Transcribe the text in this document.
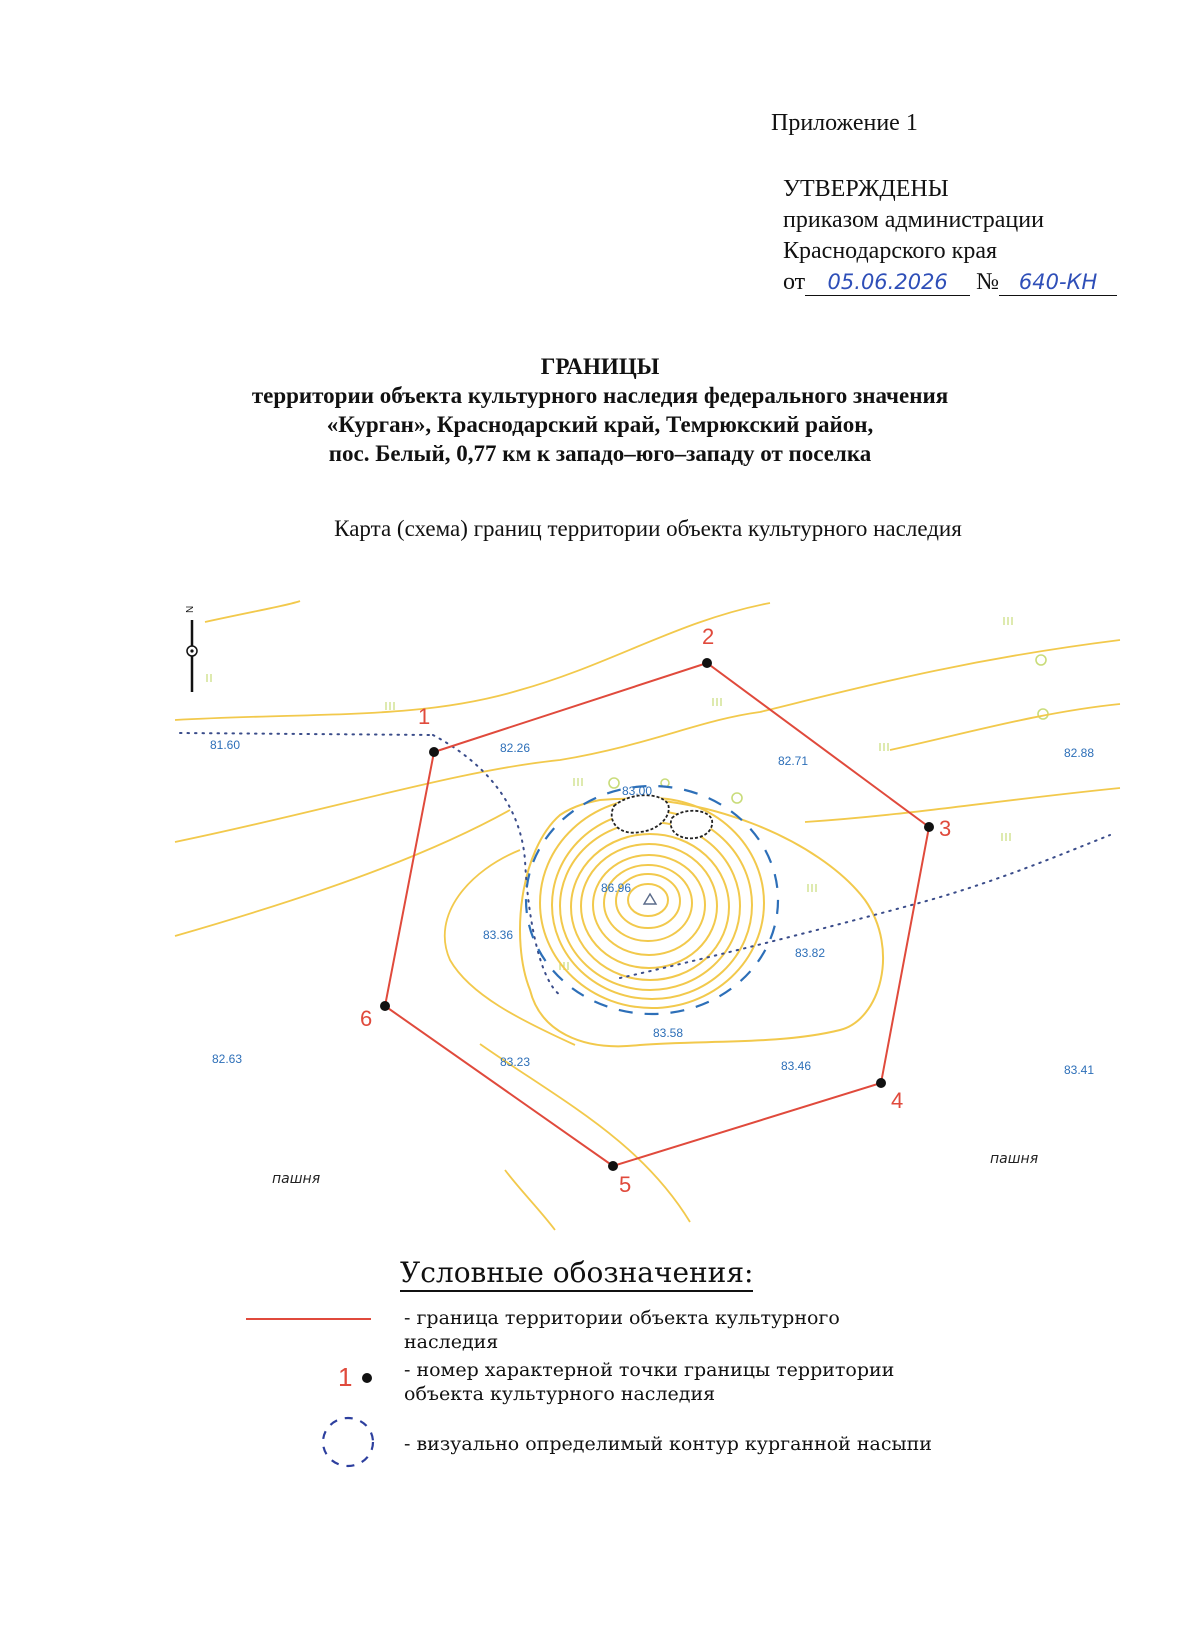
Приложение 1
УТВЕРЖДЕНЫ
приказом администрации
Краснодарского края
от 05.06.2026 № 640-КН
ГРАНИЦЫ
территории объекта культурного наследия федерального значения
«Курган», Краснодарский край, Темрюкский район,
пос. Белый, 0,77 км к западо–юго–западу от поселка
Карта (схема) границ территории объекта культурного наследия
1
2
3
4
5
6
81.60	82.26
82.71
82.88
83.00
86.96
83.36
83.82
83.58
82.63	83.23	83.46	83.41
пашня
пашня
N
Условные обозначения:
- граница территории объекта культурного
наследия
1	- номер характерной точки границы территории
объекта культурного наследия
- визуально определимый контур курганной насыпи
